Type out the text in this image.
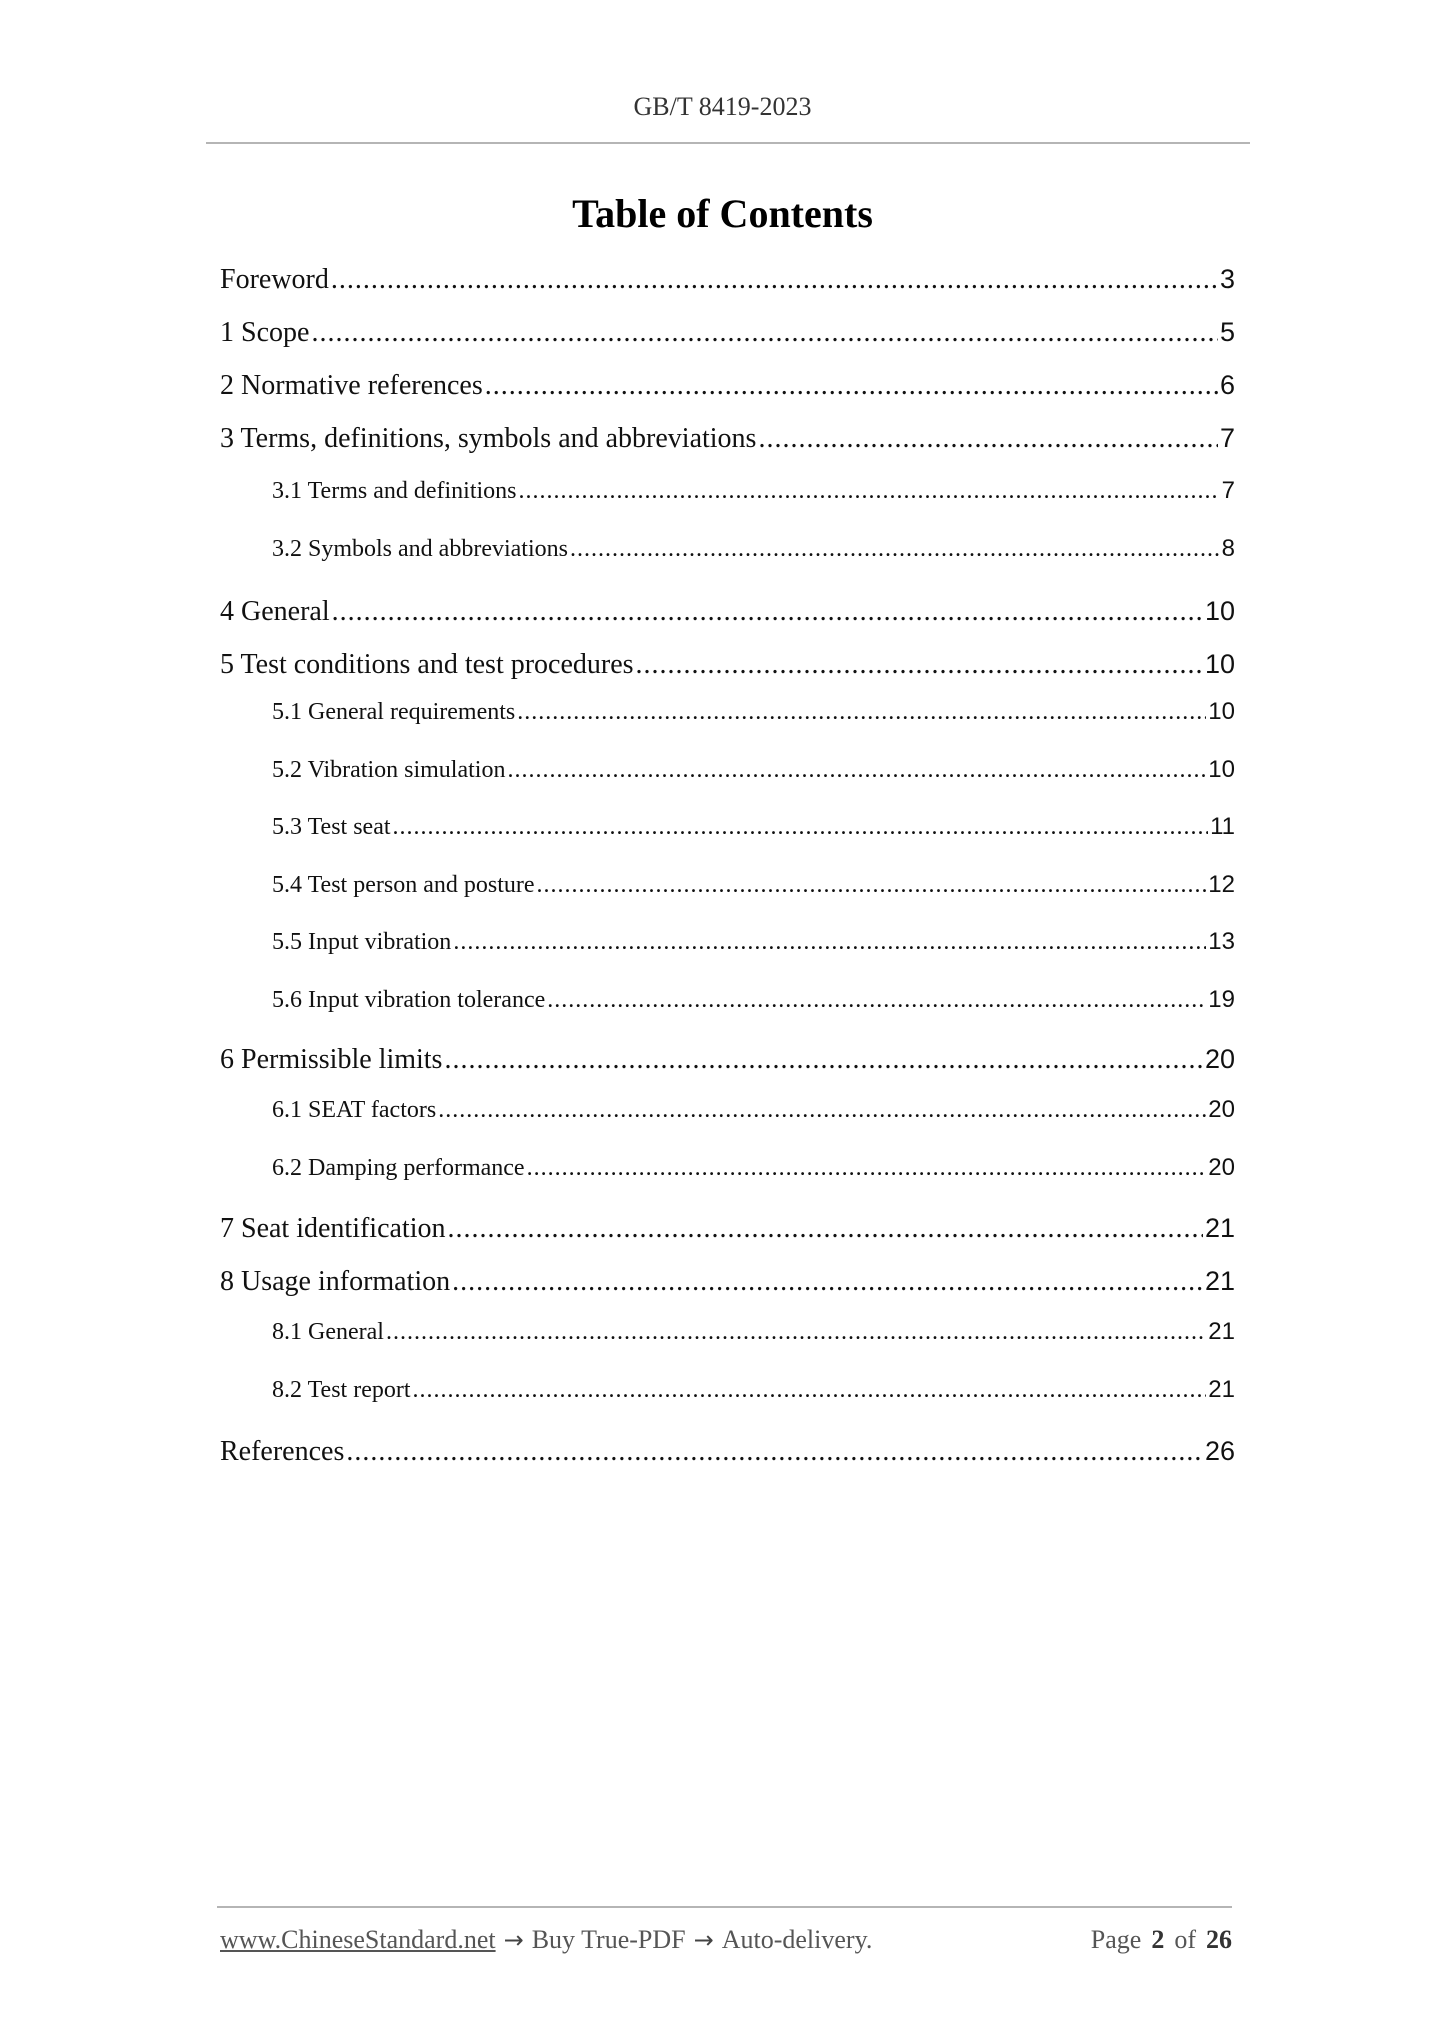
GB/T 8419-2023
Table of Contents
Foreword .....	3
1 Scope .....	5
2 Normative references .....	6
3 Terms, definitions, symbols and abbreviations .....	7
3.1 Terms and definitions .....	7
3.2 Symbols and abbreviations .....	8
4 General .....	10
5 Test conditions and test procedures .....	10
5.1 General requirements .....	10
5.2 Vibration simulation .....	10
5.3 Test seat .....	11
5.4 Test person and posture .....	12
5.5 Input vibration .....	13
5.6 Input vibration tolerance .....	19
6 Permissible limits .....	20
6.1 SEAT factors .....	20
6.2 Damping performance .....	20
7 Seat identification .....	21
8 Usage information .....	21
8.1 General .....	21
8.2 Test report .....	21
References .....	26
www.ChineseStandard.net → Buy True-PDF → Auto-delivery.	Page 2 of 26
